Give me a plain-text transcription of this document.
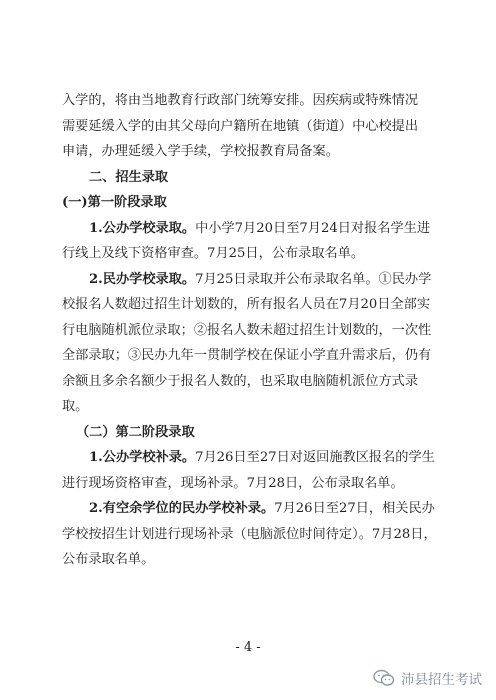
入学的，将由当地教育行政部门统筹安排。因疾病或特殊情况
需要延缓入学的由其父母向户籍所在地镇（街道）中心校提出
申请，办理延缓入学手续，学校报教育局备案。
二、招生录取
(一)第一阶段录取
1.公办学校录取。中小学7月20日至7月24日对报名学生进行线上及线下资格审查。7月25日，公布录取名单。
2.民办学校录取。7月25日录取并公布录取名单。①民办学校报名人数超过招生计划数的，所有报名人员在7月20日全部实行电脑随机派位录取；②报名人数未超过招生计划数的，一次性全部录取；③民办九年一贯制学校在保证小学直升需求后，仍有余额且多余名额少于报名人数的，也采取电脑随机派位方式录取。
（二）第二阶段录取
1.公办学校补录。7月26日至27日对返回施教区报名的学生进行现场资格审查，现场补录。7月28日，公布录取名单。
2.有空余学位的民办学校补录。7月26日至27日，相关民办学校按招生计划进行现场补录（电脑派位时间待定）。7月28日，公布录取名单。
- 4 -
沛县招生考试
